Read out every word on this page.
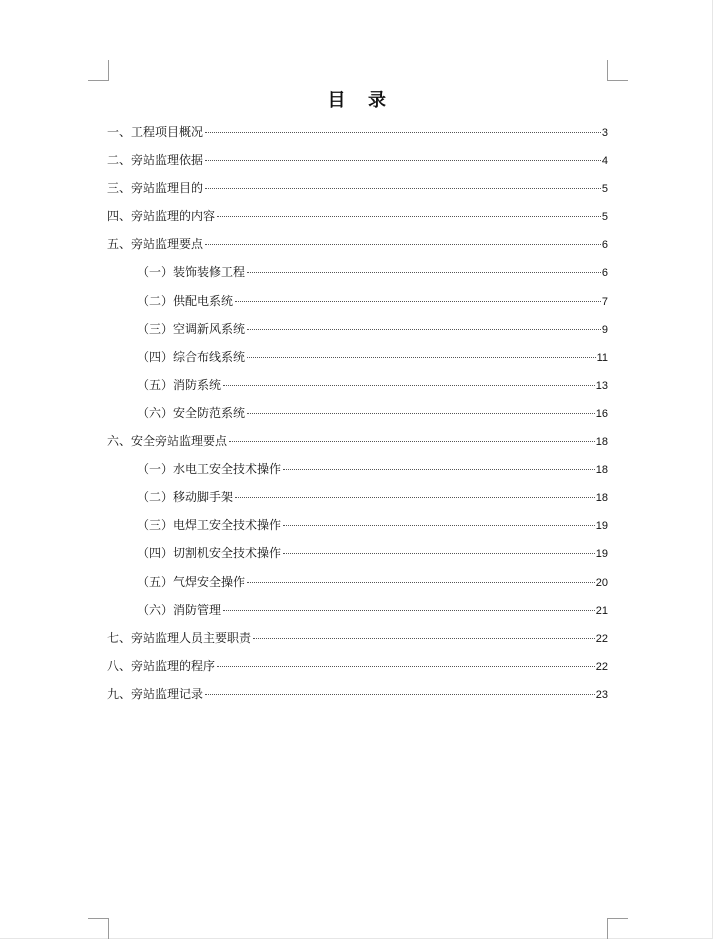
目 录
一、工程项目概况	3
二、旁站监理依据	4
三、旁站监理目的	5
四、旁站监理的内容	5
五、旁站监理要点	6
（一）装饰装修工程	6
（二）供配电系统	7
（三）空调新风系统	9
（四）综合布线系统	11
（五）消防系统	13
（六）安全防范系统	16
六、安全旁站监理要点	18
（一）水电工安全技术操作	18
（二）移动脚手架	18
（三）电焊工安全技术操作	19
（四）切割机安全技术操作	19
（五）气焊安全操作	20
（六）消防管理	21
七、旁站监理人员主要职责	22
八、旁站监理的程序	22
九、旁站监理记录	23
